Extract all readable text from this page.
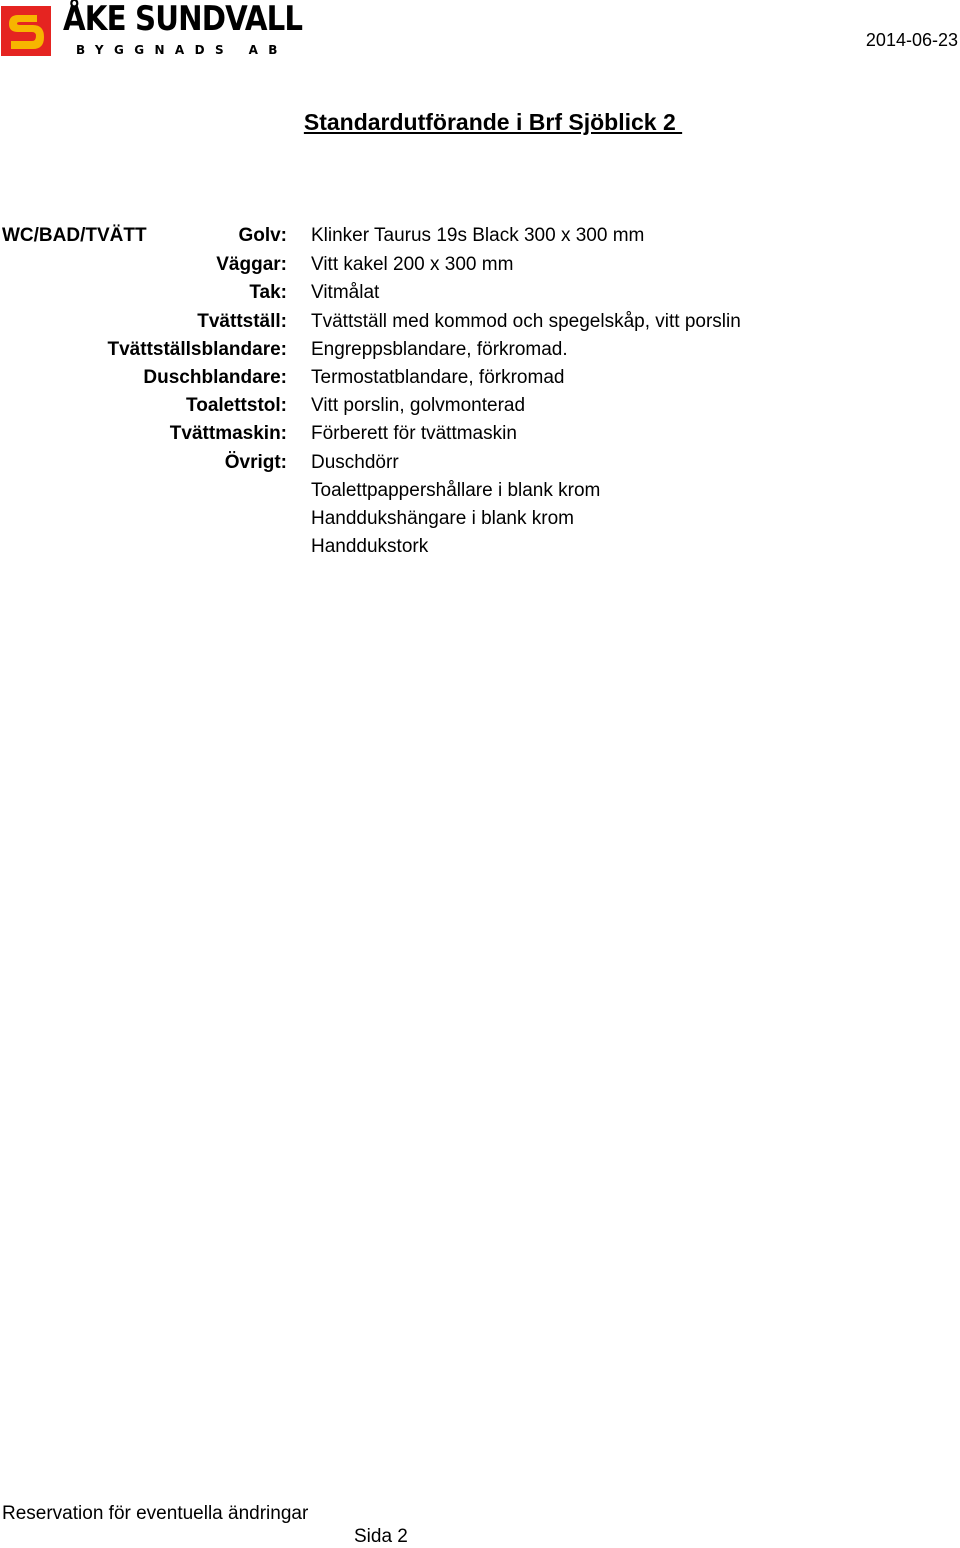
ÅKE SUNDVALL
BYGGNADS AB	2014-06-23
Standardutförande i Brf Sjöblick 2
WC/BAD/TVÄTT	Golv: Klinker Taurus 19s Black 300 x 300 mm
Väggar: Vitt kakel 200 x 300 mm
Tak: Vitmålat
Tvättställ: Tvättställ med kommod och spegelskåp, vitt porslin
Tvättställsblandare: Engreppsblandare, förkromad.
Duschblandare: Termostatblandare, förkromad
Toalettstol: Vitt porslin, golvmonterad
Tvättmaskin: Förberett för tvättmaskin
Övrigt: Duschdörr
Toalettpappershållare i blank krom
Handdukshängare i blank krom
Handdukstork
Reservation för eventuella ändringar
Sida 2
